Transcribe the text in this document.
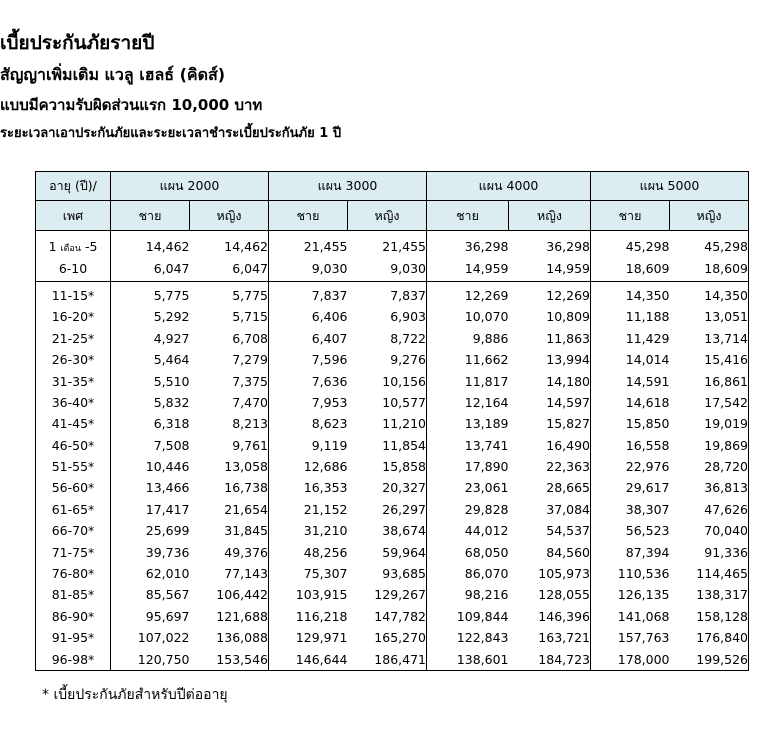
เบี้ยประกันภัยรายปี
สัญญาเพิ่มเติม แวลู เฮลธ์ (คิดส์)
แบบมีความรับผิดส่วนแรก 10,000 บาท
ระยะเวลาเอาประกันภัยและระยะเวลาชำระเบี้ยประกันภัย 1 ปี
อายุ (ปี)/	แผน 2000		แผน 3000		แผน 4000		แผน 5000	
เพศ	ชาย	หญิง	ชาย	หญิง	ชาย	หญิง	ชาย	หญิง
1 เดือน -5	14,462	14,462	21,455	21,455	36,298	36,298	45,298	45,298
6-10	6,047	6,047	9,030	9,030	14,959	14,959	18,609	18,609
11-15*	5,775	5,775	7,837	7,837	12,269	12,269	14,350	14,350
16-20*	5,292	5,715	6,406	6,903	10,070	10,809	11,188	13,051
21-25*	4,927	6,708	6,407	8,722	9,886	11,863	11,429	13,714
26-30*	5,464	7,279	7,596	9,276	11,662	13,994	14,014	15,416
31-35*	5,510	7,375	7,636	10,156	11,817	14,180	14,591	16,861
36-40*	5,832	7,470	7,953	10,577	12,164	14,597	14,618	17,542
41-45*	6,318	8,213	8,623	11,210	13,189	15,827	15,850	19,019
46-50*	7,508	9,761	9,119	11,854	13,741	16,490	16,558	19,869
51-55*	10,446	13,058	12,686	15,858	17,890	22,363	22,976	28,720
56-60*	13,466	16,738	16,353	20,327	23,061	28,665	29,617	36,813
61-65*	17,417	21,654	21,152	26,297	29,828	37,084	38,307	47,626
66-70*	25,699	31,845	31,210	38,674	44,012	54,537	56,523	70,040
71-75*	39,736	49,376	48,256	59,964	68,050	84,560	87,394	91,336
76-80*	62,010	77,143	75,307	93,685	86,070	105,973	110,536	114,465
81-85*	85,567	106,442	103,915	129,267	98,216	128,055	126,135	138,317
86-90*	95,697	121,688	116,218	147,782	109,844	146,396	141,068	158,128
91-95*	107,022	136,088	129,971	165,270	122,843	163,721	157,763	176,840
96-98*	120,750	153,546	146,644	186,471	138,601	184,723	178,000	199,526
* เบี้ยประกันภัยสำหรับปีต่ออายุ
